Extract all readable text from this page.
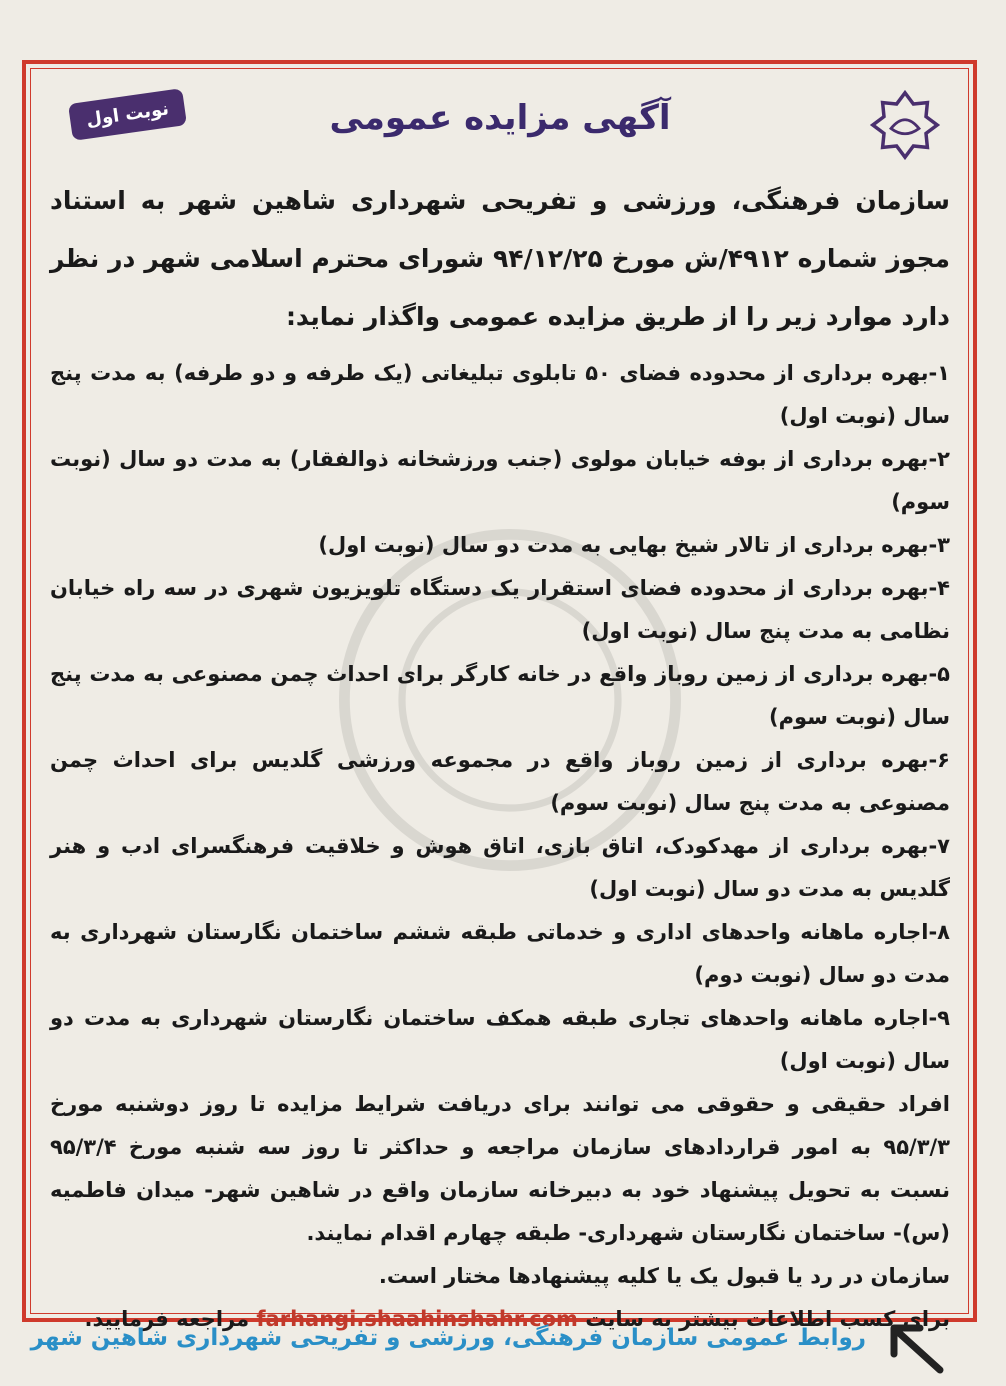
آگهی مزایده عمومی
نوبت اول
سازمان فرهنگی، ورزشی و تفریحی شهرداری شاهین شهر به استناد مجوز شماره ۴۹۱۲/ش مورخ ۹۴/۱۲/۲۵ شورای محترم اسلامی شهر در نظر دارد موارد زیر را از طریق مزایده عمومی واگذار نماید:
۱-بهره برداری از محدوده فضای ۵۰ تابلوی تبلیغاتی (یک طرفه و دو طرفه) به مدت پنج سال (نوبت اول)
۲-بهره برداری از بوفه خیابان مولوی (جنب ورزشخانه ذوالفقار) به مدت دو سال (نوبت سوم)
۳-بهره برداری از تالار شیخ بهایی به مدت دو سال (نوبت اول)
۴-بهره برداری از محدوده فضای استقرار یک دستگاه تلویزیون شهری در سه راه خیابان نظامی به مدت پنج سال (نوبت اول)
۵-بهره برداری از زمین روباز واقع در خانه کارگر برای احداث چمن مصنوعی به مدت پنج سال (نوبت سوم)
۶-بهره برداری از زمین روباز واقع در مجموعه ورزشی گلدیس برای احداث چمن مصنوعی به مدت پنج سال (نوبت سوم)
۷-بهره برداری از مهدکودک، اتاق بازی، اتاق هوش و خلاقیت فرهنگسرای ادب و هنر گلدیس به مدت دو سال (نوبت اول)
۸-اجاره ماهانه واحدهای اداری و خدماتی طبقه ششم ساختمان نگارستان شهرداری به مدت دو سال (نوبت دوم)
۹-اجاره ماهانه واحدهای تجاری طبقه همکف ساختمان نگارستان شهرداری به مدت دو سال (نوبت اول)
افراد حقیقی و حقوقی می توانند برای دریافت شرایط مزایده تا روز دوشنبه مورخ ۹۵/۳/۳ به امور قراردادهای سازمان مراجعه و حداکثر تا روز سه شنبه مورخ ۹۵/۳/۴ نسبت به تحویل پیشنهاد خود به دبیرخانه سازمان واقع در شاهین شهر- میدان فاطمیه (س)- ساختمان نگارستان شهرداری- طبقه چهارم اقدام نمایند.
سازمان در رد یا قبول یک یا کلیه پیشنهادها مختار است.
برای کسب اطلاعات بیشتر به سایت farhangi.shaahinshahr.com مراجعه فرمایید.
روابط عمومی سازمان فرهنگی، ورزشی و تفریحی شهرداری شاهین شهر
